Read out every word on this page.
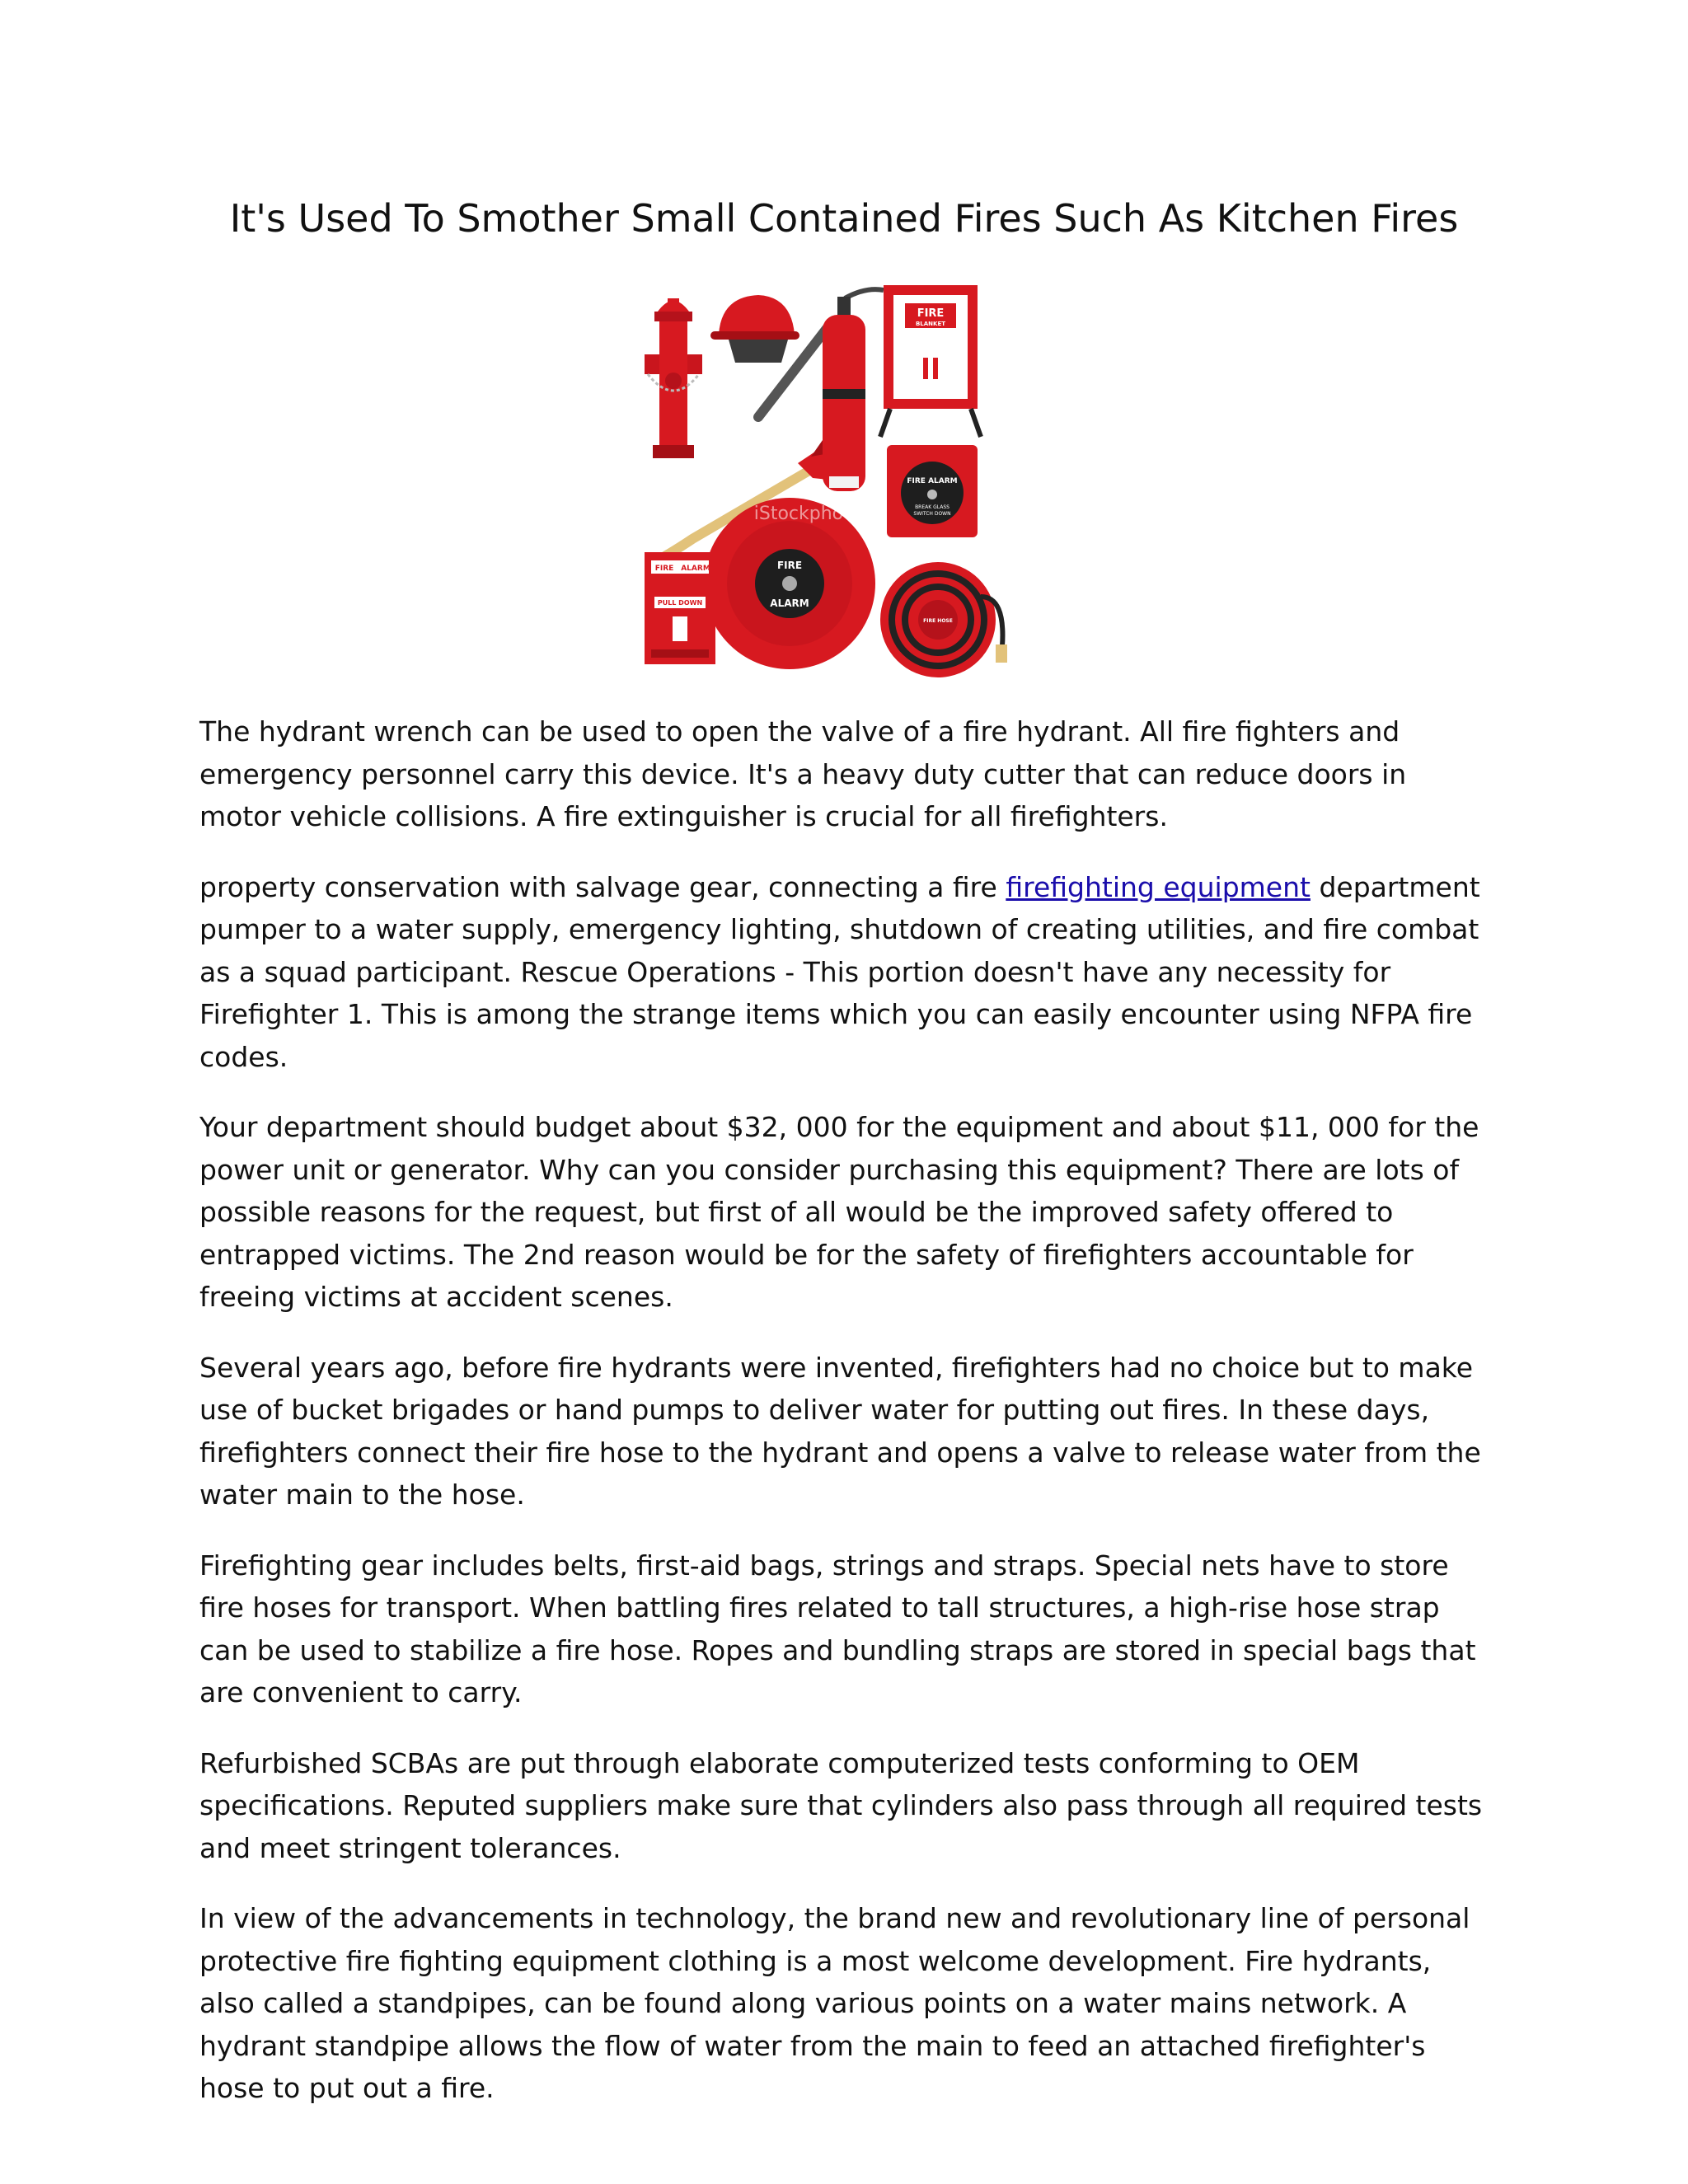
It's Used To Smother Small Contained Fires Such As Kitchen Fires
FIRE
BLANKET
FIRE ALARM
BREAK GLASS
SWITCH DOWN
FIRE
ALARM
iStockphoto
FIRE ALARM
PULL DOWN
FIRE HOSE

The hydrant wrench can be used to open the valve of a fire hydrant. All fire fighters and emergency personnel carry this device. It's a heavy duty cutter that can reduce doors in motor vehicle collisions. A fire extinguisher is crucial for all firefighters.

property conservation with salvage gear, connecting a fire firefighting equipment department pumper to a water supply, emergency lighting, shutdown of creating utilities, and fire combat as a squad participant. Rescue Operations - This portion doesn't have any necessity for Firefighter 1. This is among the strange items which you can easily encounter using NFPA fire codes.

Your department should budget about $32, 000 for the equipment and about $11, 000 for the power unit or generator. Why can you consider purchasing this equipment? There are lots of possible reasons for the request, but first of all would be the improved safety offered to entrapped victims. The 2nd reason would be for the safety of firefighters accountable for freeing victims at accident scenes.

Several years ago, before fire hydrants were invented, firefighters had no choice but to make use of bucket brigades or hand pumps to deliver water for putting out fires. In these days, firefighters connect their fire hose to the hydrant and opens a valve to release water from the water main to the hose.

Firefighting gear includes belts, first-aid bags, strings and straps. Special nets have to store fire hoses for transport. When battling fires related to tall structures, a high-rise hose strap can be used to stabilize a fire hose. Ropes and bundling straps are stored in special bags that are convenient to carry.

Refurbished SCBAs are put through elaborate computerized tests conforming to OEM specifications. Reputed suppliers make sure that cylinders also pass through all required tests and meet stringent tolerances.

In view of the advancements in technology, the brand new and revolutionary line of personal protective fire fighting equipment clothing is a most welcome development. Fire hydrants, also called a standpipes, can be found along various points on a water mains network. A hydrant standpipe allows the flow of water from the main to feed an attached firefighter's hose to put out a fire.
